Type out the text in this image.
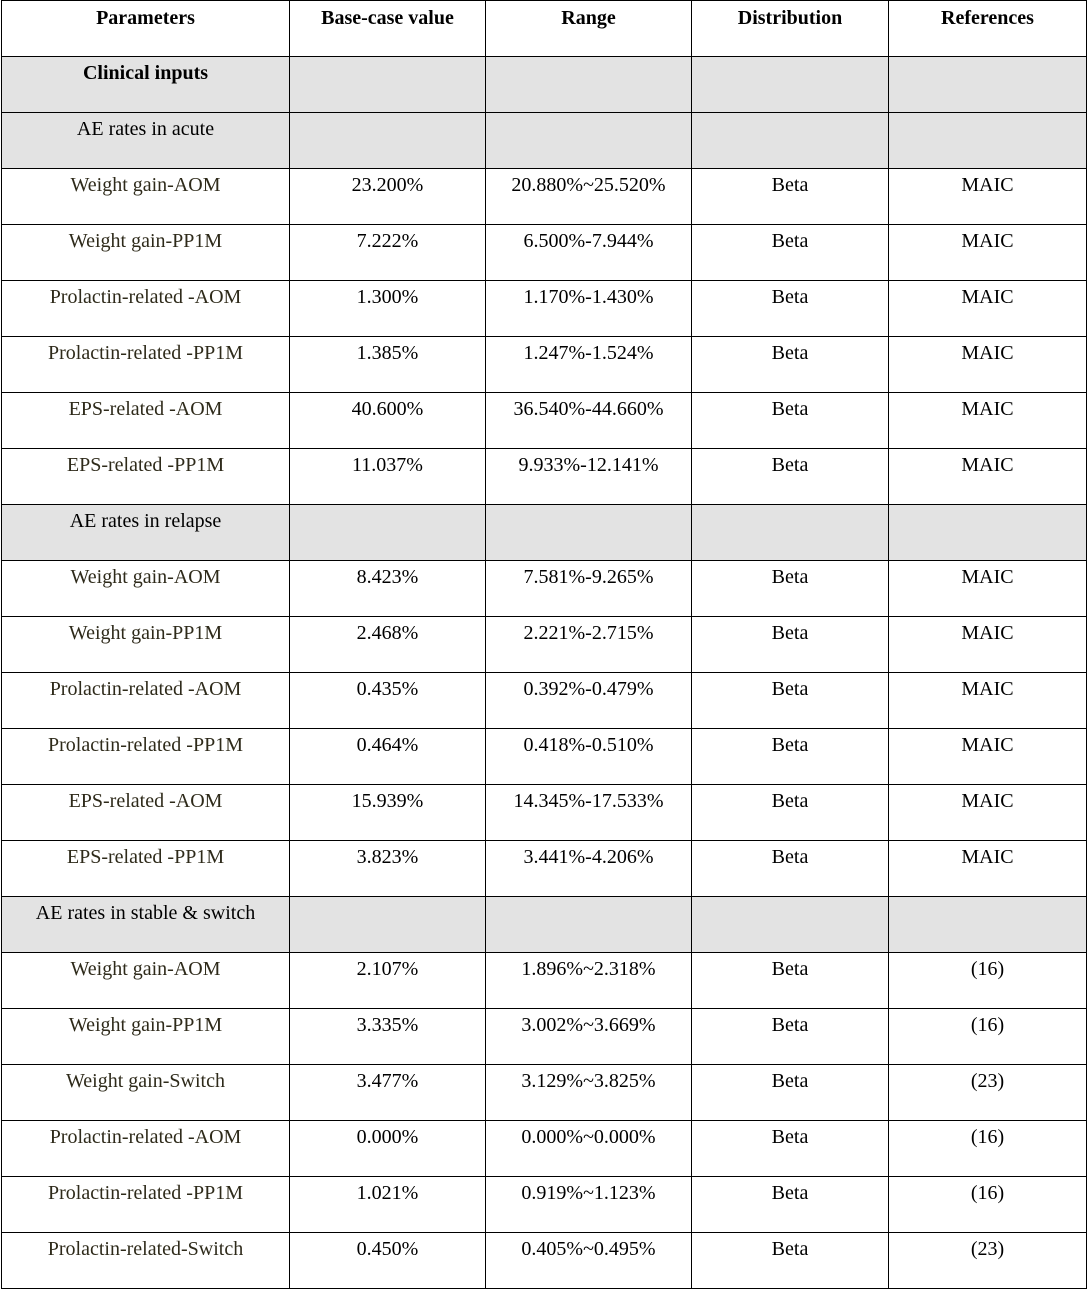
Parameters	Base-case value	Range	Distribution	References
Clinical inputs				
AE rates in acute				
Weight gain-AOM	23.200%	20.880%~25.520%	Beta	MAIC
Weight gain-PP1M	7.222%	6.500%-7.944%	Beta	MAIC
Prolactin-related -AOM	1.300%	1.170%-1.430%	Beta	MAIC
Prolactin-related -PP1M	1.385%	1.247%-1.524%	Beta	MAIC
EPS-related -AOM	40.600%	36.540%-44.660%	Beta	MAIC
EPS-related -PP1M	11.037%	9.933%-12.141%	Beta	MAIC
AE rates in relapse				
Weight gain-AOM	8.423%	7.581%-9.265%	Beta	MAIC
Weight gain-PP1M	2.468%	2.221%-2.715%	Beta	MAIC
Prolactin-related -AOM	0.435%	0.392%-0.479%	Beta	MAIC
Prolactin-related -PP1M	0.464%	0.418%-0.510%	Beta	MAIC
EPS-related -AOM	15.939%	14.345%-17.533%	Beta	MAIC
EPS-related -PP1M	3.823%	3.441%-4.206%	Beta	MAIC
AE rates in stable & switch				
Weight gain-AOM	2.107%	1.896%~2.318%	Beta	(16)
Weight gain-PP1M	3.335%	3.002%~3.669%	Beta	(16)
Weight gain-Switch	3.477%	3.129%~3.825%	Beta	(23)
Prolactin-related -AOM	0.000%	0.000%~0.000%	Beta	(16)
Prolactin-related -PP1M	1.021%	0.919%~1.123%	Beta	(16)
Prolactin-related-Switch	0.450%	0.405%~0.495%	Beta	(23)
